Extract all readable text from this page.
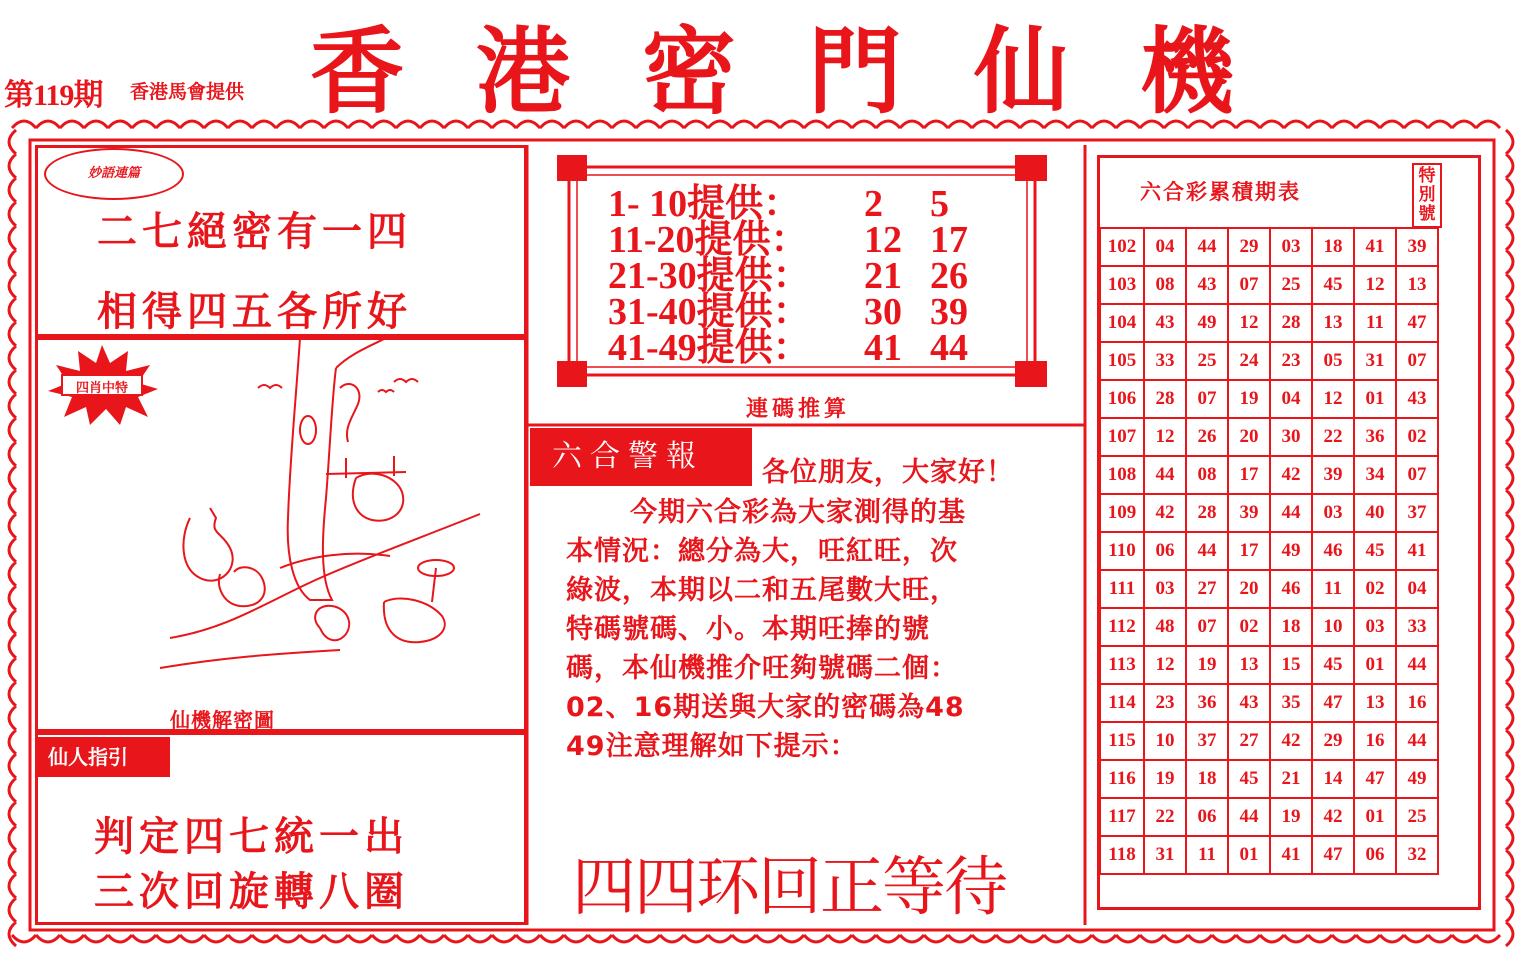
第119期 香港馬會提供 香港密門仙機
妙語連篇
二七絕密有一四
相得四五各所好
四肖中特
仙機解密圖
仙人指引
判定四七統一出
三次回旋轉八圈
1- 10提供： 2 5
11-20提供： 12 17
21-30提供： 21 26
31-40提供： 30 39
41-49提供： 41 44
連碼推算
六合警報	各位朋友，大家好！
今期六合彩為大家測得的基
本情況：總分為大，㕵紅旺，次
綠波，本期以二和五尾數大旺，
特碼號碼、小。本期㕵捧的號
碼，本仙機推介㕵夠號碼二個：
02、16期送與大家的密碼為48
49注意理解如下提示：
四四环回正等待
六合彩累積期表
特別號
102	04	44	29	03	18	41	39
103	08	43	07	25	45	12	13
104	43	49	12	28	13	11	47
105	33	25	24	23	05	31	07
106	28	07	19	04	12	01	43
107	12	26	20	30	22	36	02
108	44	08	17	42	39	34	07
109	42	28	39	44	03	40	37
110	06	44	17	49	46	45	41
111	03	27	20	46	11	02	04
112	48	07	02	18	10	03	33
113	12	19	13	15	45	01	44
114	23	36	43	35	47	13	16
115	10	37	27	42	29	16	44
116	19	18	45	21	14	47	49
117	22	06	44	19	42	01	25
118	31	11	01	41	47	06	32
